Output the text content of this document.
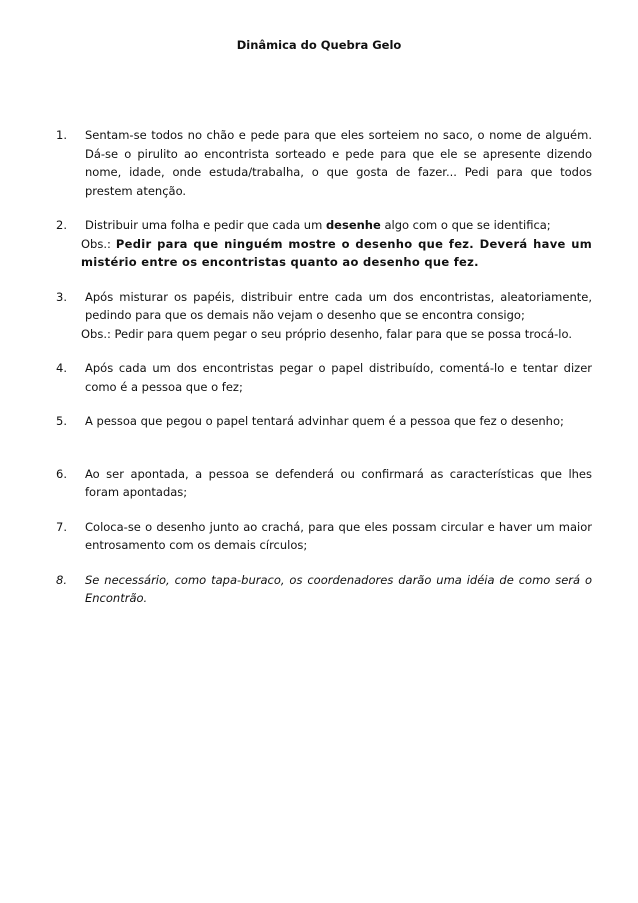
Dinâmica do Quebra Gelo
1.	Sentam-se todos no chão e pede para que eles sorteiem no saco, o nome de alguém. Dá-se o pirulito ao encontrista sorteado e pede para que ele se apresente dizendo nome, idade, onde estuda/trabalha, o que gosta de fazer... Pedi para que todos prestem atenção.
2.	Distribuir uma folha e pedir que cada um desenhe algo com o que se identifica;
Obs.: Pedir para que ninguém mostre o desenho que fez. Deverá have um mistério entre os encontristas quanto ao desenho que fez.
3.	Após misturar os papéis, distribuir entre cada um dos encontristas, aleatoriamente, pedindo para que os demais não vejam o desenho que se encontra consigo;
Obs.: Pedir para quem pegar o seu próprio desenho, falar para que se possa trocá-lo.
4.	Após cada um dos encontristas pegar o papel distribuído, comentá-lo e tentar dizer como é a pessoa que o fez;
5.	A pessoa que pegou o papel tentará advinhar quem é a pessoa que fez o desenho;
6.	Ao ser apontada, a pessoa se defenderá ou confirmará as características que lhes foram apontadas;
7.	Coloca-se o desenho junto ao crachá, para que eles possam circular e haver um maior entrosamento com os demais círculos;
8.	Se necessário, como tapa-buraco, os coordenadores darão uma idéia de como será o Encontrão.
